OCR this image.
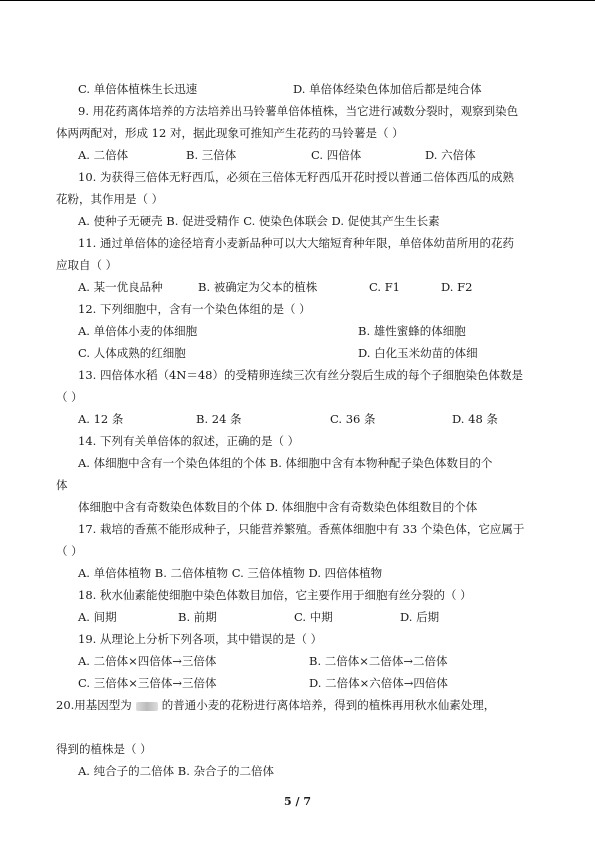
C. 单倍体植株生长迅速	D. 单倍体经染色体加倍后都是纯合体
9. 用花药离体培养的方法培养出马铃薯单倍体植株，当它进行减数分裂时，观察到染色
体两两配对，形成 12 对，据此现象可推知产生花药的马铃薯是（ ）
A. 二倍体	B. 三倍体	C. 四倍体	D. 六倍体
10. 为获得三倍体无籽西瓜，必须在三倍体无籽西瓜开花时授以普通二倍体西瓜的成熟
花粉，其作用是（ ）
A. 使种子无硬壳 B. 促进受精作 C. 使染色体联会 D. 促使其产生生长素
11. 通过单倍体的途径培育小麦新品种可以大大缩短育种年限，单倍体幼苗所用的花药
应取自（ ）
A. 某一优良品种	B. 被确定为父本的植株	C. F1	D. F2
12. 下列细胞中，含有一个染色体组的是（ ）
A. 单倍体小麦的体细胞	B. 雄性蜜蜂的体细胞
C. 人体成熟的红细胞	D. 白化玉米幼苗的体细
13. 四倍体水稻（4N＝48）的受精卵连续三次有丝分裂后生成的每个子细胞染色体数是
（ ）
A. 12 条	B. 24 条	C. 36 条	D. 48 条
14. 下列有关单倍体的叙述，正确的是（ ）
A. 体细胞中含有一个染色体组的个体 B. 体细胞中含有本物种配子染色体数目的个
体
体细胞中含有奇数染色体数目的个体 D. 体细胞中含有奇数染色体组数目的个体
17. 栽培的香蕉不能形成种子，只能营养繁殖。香蕉体细胞中有 33 个染色体，它应属于
（ ）
A. 单倍体植物 B. 二倍体植物 C. 三倍体植物 D. 四倍体植物
18. 秋水仙素能使细胞中染色体数目加倍，它主要作用于细胞有丝分裂的（ ）
A. 间期	B. 前期	C. 中期	D. 后期
19. 从理论上分析下列各项，其中错误的是（ ）
A. 二倍体×四倍体→三倍体	B. 二倍体×二倍体→二倍体
C. 三倍体×三倍体→三倍体	D. 二倍体×六倍体→四倍体
得到的植株是（ ）
A. 纯合子的二倍体 B. 杂合子的二倍体
20.用基因型为	的普通小麦的花粉进行离体培养，得到的植株再用秋水仙素处理，
5 / 7
